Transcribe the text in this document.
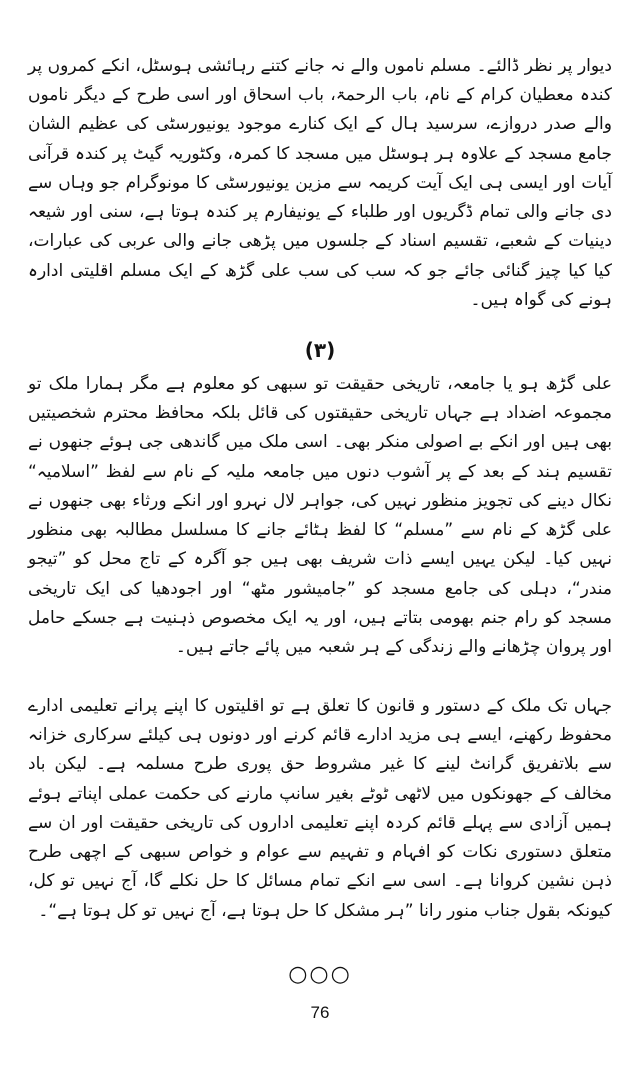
دیوار پر نظر ڈالئے۔ مسلم ناموں والے نہ جانے کتنے رہائشی ہوسٹل، انکے کمروں پر کندہ معطیان کرام کے نام، باب الرحمۃ، باب اسحاق اور اسی طرح کے دیگر ناموں والے صدر دروازے، سرسید ہال کے ایک کنارے موجود یونیورسٹی کی عظیم الشان جامع مسجد کے علاوہ ہر ہوسٹل میں مسجد کا کمرہ، وکٹوریہ گیٹ پر کندہ قرآنی آیات اور ایسی ہی ایک آیت کریمہ سے مزین یونیورسٹی کا مونوگرام جو وہاں سے دی جانے والی تمام ڈگریوں اور طلباء کے یونیفارم پر کندہ ہوتا ہے، سنی اور شیعہ دینیات کے شعبے، تقسیم اسناد کے جلسوں میں پڑھی جانے والی عربی کی عبارات، کیا کیا چیز گنائی جائے جو کہ سب کی سب علی گڑھ کے ایک مسلم اقلیتی ادارہ ہونے کی گواہ ہیں۔

(۳)

علی گڑھ ہو یا جامعہ، تاریخی حقیقت تو سبھی کو معلوم ہے مگر ہمارا ملک تو مجموعہ اضداد ہے جہاں تاریخی حقیقتوں کی قائل بلکہ محافظ محترم شخصیتیں بھی ہیں اور انکے بے اصولی منکر بھی۔ اسی ملک میں گاندھی جی ہوئے جنھوں نے تقسیم ہند کے بعد کے پر آشوب دنوں میں جامعہ ملیہ کے نام سے لفظ ”اسلامیہ“ نکال دینے کی تجویز منظور نہیں کی، جواہر لال نہرو اور انکے ورثاء بھی جنھوں نے علی گڑھ کے نام سے ”مسلم“ کا لفظ ہٹائے جانے کا مسلسل مطالبہ بھی منظور نہیں کیا۔ لیکن یہیں ایسے ذات شریف بھی ہیں جو آگرہ کے تاج محل کو ”تیجو مندر“، دہلی کی جامع مسجد کو ”جامیشور مٹھ“ اور اجودھیا کی ایک تاریخی مسجد کو رام جنم بھومی بتاتے ہیں، اور یہ ایک مخصوص ذہنیت ہے جسکے حامل اور پروان چڑھانے والے زندگی کے ہر شعبہ میں پائے جاتے ہیں۔

جہاں تک ملک کے دستور و قانون کا تعلق ہے تو اقلیتوں کا اپنے پرانے تعلیمی ادارے محفوظ رکھنے، ایسے ہی مزید ادارے قائم کرنے اور دونوں ہی کیلئے سرکاری خزانہ سے بلاتفریق گرانٹ لینے کا غیر مشروط حق پوری طرح مسلمہ ہے۔ لیکن باد مخالف کے جھونکوں میں لاٹھی ٹوٹے بغیر سانپ مارنے کی حکمت عملی اپناتے ہوئے ہمیں آزادی سے پہلے قائم کردہ اپنے تعلیمی اداروں کی تاریخی حقیقت اور ان سے متعلق دستوری نکات کو افہام و تفہیم سے عوام و خواص سبھی کے اچھی طرح ذہن نشین کروانا ہے۔ اسی سے انکے تمام مسائل کا حل نکلے گا، آج نہیں تو کل، کیونکہ بقول جناب منور رانا ”ہر مشکل کا حل ہوتا ہے، آج نہیں تو کل ہوتا ہے“۔

○○○

76
